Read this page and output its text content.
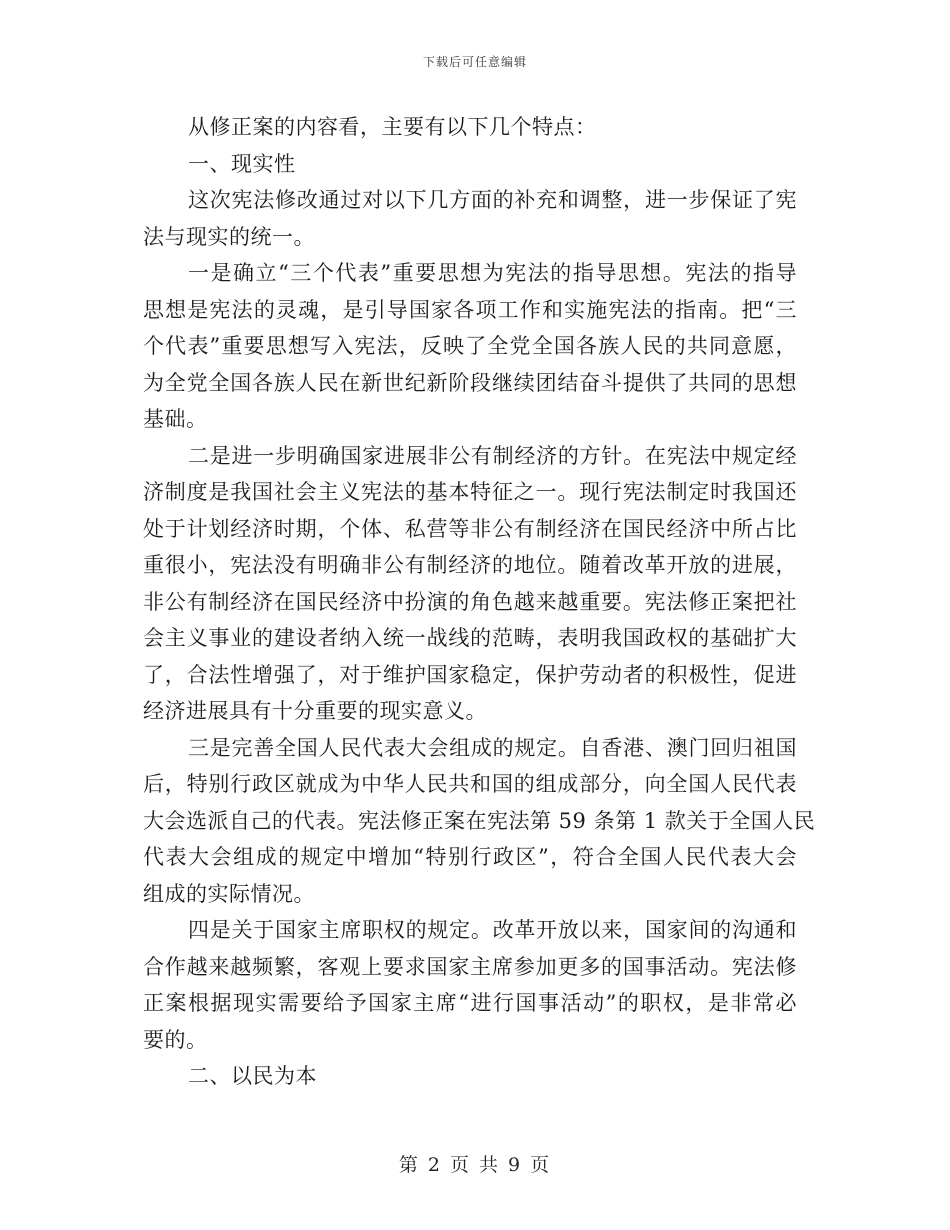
下载后可任意编辑
从修正案的内容看，主要有以下几个特点：
一、现实性
这次宪法修改通过对以下几方面的补充和调整，进一步保证了宪
法与现实的统一。
一是确立“三个代表”重要思想为宪法的指导思想。宪法的指导
思想是宪法的灵魂，是引导国家各项工作和实施宪法的指南。把“三
个代表”重要思想写入宪法，反映了全党全国各族人民的共同意愿，
为全党全国各族人民在新世纪新阶段继续团结奋斗提供了共同的思想
基础。
二是进一步明确国家进展非公有制经济的方针。在宪法中规定经
济制度是我国社会主义宪法的基本特征之一。现行宪法制定时我国还
处于计划经济时期，个体、私营等非公有制经济在国民经济中所占比
重很小，宪法没有明确非公有制经济的地位。随着改革开放的进展，
非公有制经济在国民经济中扮演的角色越来越重要。宪法修正案把社
会主义事业的建设者纳入统一战线的范畴，表明我国政权的基础扩大
了，合法性增强了，对于维护国家稳定，保护劳动者的积极性，促进
经济进展具有十分重要的现实意义。
三是完善全国人民代表大会组成的规定。自香港、澳门回归祖国
后，特别行政区就成为中华人民共和国的组成部分，向全国人民代表
大会选派自己的代表。宪法修正案在宪法第 59 条第 1 款关于全国人民
代表大会组成的规定中增加“特别行政区”，符合全国人民代表大会
组成的实际情况。
四是关于国家主席职权的规定。改革开放以来，国家间的沟通和
合作越来越频繁，客观上要求国家主席参加更多的国事活动。宪法修
正案根据现实需要给予国家主席“进行国事活动”的职权，是非常必
要的。
二、以民为本
第 2 页 共 9 页
